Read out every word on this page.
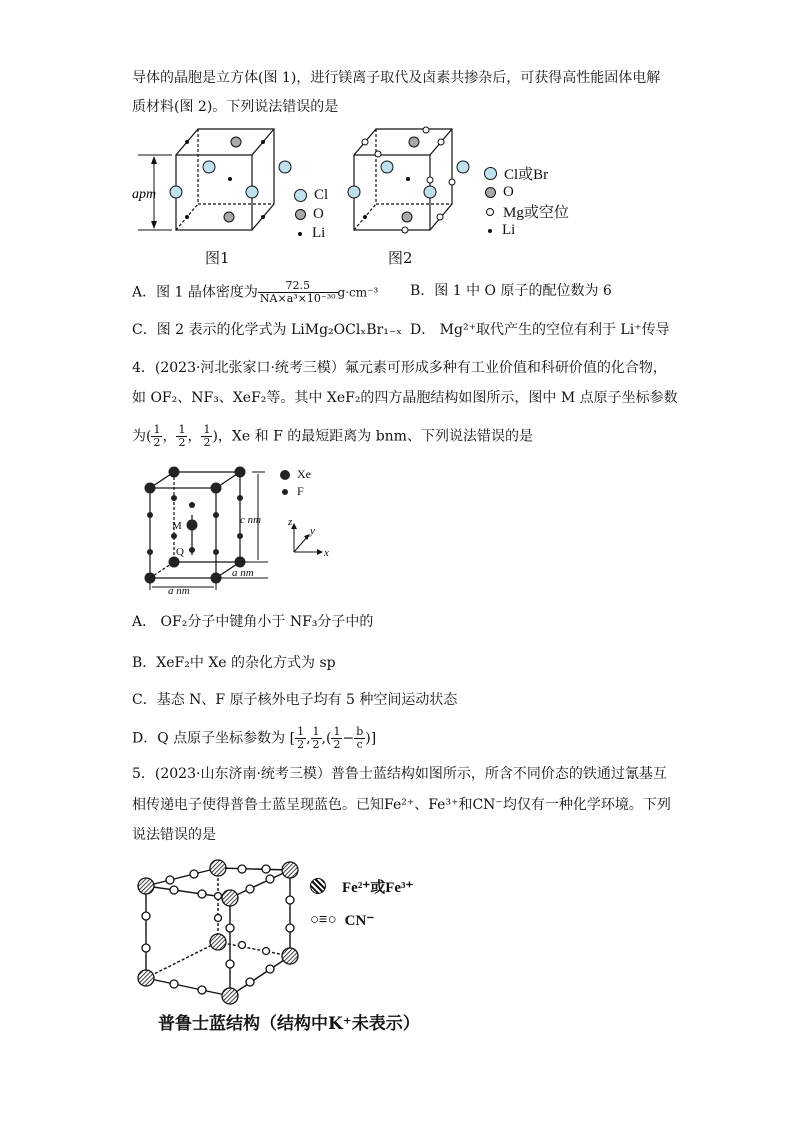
导体的晶胞是立方体(图 1)，进行镁离子取代及卤素共掺杂后，可获得高性能固体电解
质材料(图 2)。下列说法错误的是
apm	Cl
O
Li
图1
Cl或Br
O
Mg或空位
Li
图2
A．图 1 晶体密度为 $\frac{72.5}{\text{NA×a³×10⁻³⁰}} g\cdot cm^{-3}$ B．图 1 中 O 原子的配位数为 6
C．图 2 表示的化学式为 LiMg₂OClₓBr₁₋ₓ D． Mg²⁺取代产生的空位有利于 Li⁺传导
4．(2023·河北张家口·统考三模）氟元素可形成多种有工业价值和科研价值的化合物，
如 OF₂、NF₃、XeF₂等。其中 XeF₂的四方晶胞结构如图所示，图中 M 点原子坐标参数
为( $\frac{1}{2}$ ， $\frac{1}{2}$ ， $\frac{1}{2}$ )，Xe 和 F 的最短距离为 bnm、下列说法错误的是
M
Q
c nm
a nm
a nm
Xe
F
z
y
x
A． OF₂分子中键角小于 NF₃分子中的
B．XeF₂中 Xe 的杂化方式为 sp
C．基态 N、F 原子核外电子均有 5 种空间运动状态
D．Q 点原子坐标参数为 [ $\frac{1}{2}$ , $\frac{1}{2}$ ,( $\frac{1}{2} - \frac{b}{c}$ )]
5．(2023·山东济南·统考三模）普鲁士蓝结构如图所示，所含不同价态的铁通过氰基互
相传递电子使得普鲁士蓝呈现蓝色。已知Fe²⁺、Fe³⁺和CN⁻均仅有一种化学环境。下列
说法错误的是
Fe²⁺或Fe³⁺
○≡○ CN⁻
普鲁士蓝结构（结构中K⁺未表示）
